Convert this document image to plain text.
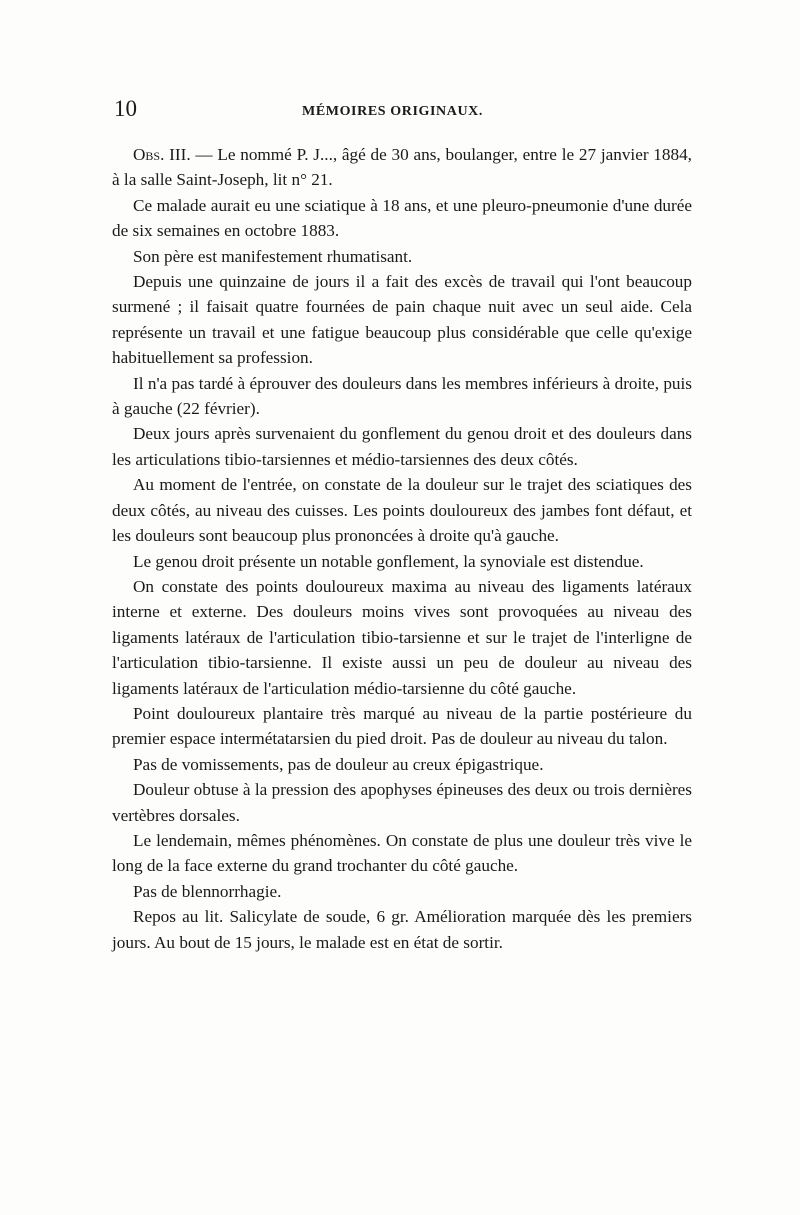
10	MÉMOIRES ORIGINAUX.

Obs. III. — Le nommé P. J..., âgé de 30 ans, boulanger, entre le 27 janvier 1884, à la salle Saint-Joseph, lit n° 21.

Ce malade aurait eu une sciatique à 18 ans, et une pleuro-pneumonie d'une durée de six semaines en octobre 1883.

Son père est manifestement rhumatisant.

Depuis une quinzaine de jours il a fait des excès de travail qui l'ont beaucoup surmené ; il faisait quatre fournées de pain chaque nuit avec un seul aide. Cela représente un travail et une fatigue beaucoup plus considérable que celle qu'exige habituellement sa profession.

Il n'a pas tardé à éprouver des douleurs dans les membres inférieurs à droite, puis à gauche (22 février).

Deux jours après survenaient du gonflement du genou droit et des douleurs dans les articulations tibio-tarsiennes et médio-tarsiennes des deux côtés.

Au moment de l'entrée, on constate de la douleur sur le trajet des sciatiques des deux côtés, au niveau des cuisses. Les points douloureux des jambes font défaut, et les douleurs sont beaucoup plus prononcées à droite qu'à gauche.

Le genou droit présente un notable gonflement, la synoviale est distendue.

On constate des points douloureux maxima au niveau des ligaments latéraux interne et externe. Des douleurs moins vives sont provoquées au niveau des ligaments latéraux de l'articulation tibio-tarsienne et sur le trajet de l'interligne de l'articulation tibio-tarsienne. Il existe aussi un peu de douleur au niveau des ligaments latéraux de l'articulation médio-tarsienne du côté gauche.

Point douloureux plantaire très marqué au niveau de la partie postérieure du premier espace intermétatarsien du pied droit. Pas de douleur au niveau du talon.

Pas de vomissements, pas de douleur au creux épigastrique.

Douleur obtuse à la pression des apophyses épineuses des deux ou trois dernières vertèbres dorsales.

Le lendemain, mêmes phénomènes. On constate de plus une douleur très vive le long de la face externe du grand trochanter du côté gauche.

Pas de blennorrhagie.

Repos au lit. Salicylate de soude, 6 gr. Amélioration marquée dès les premiers jours. Au bout de 15 jours, le malade est en état de sortir.
